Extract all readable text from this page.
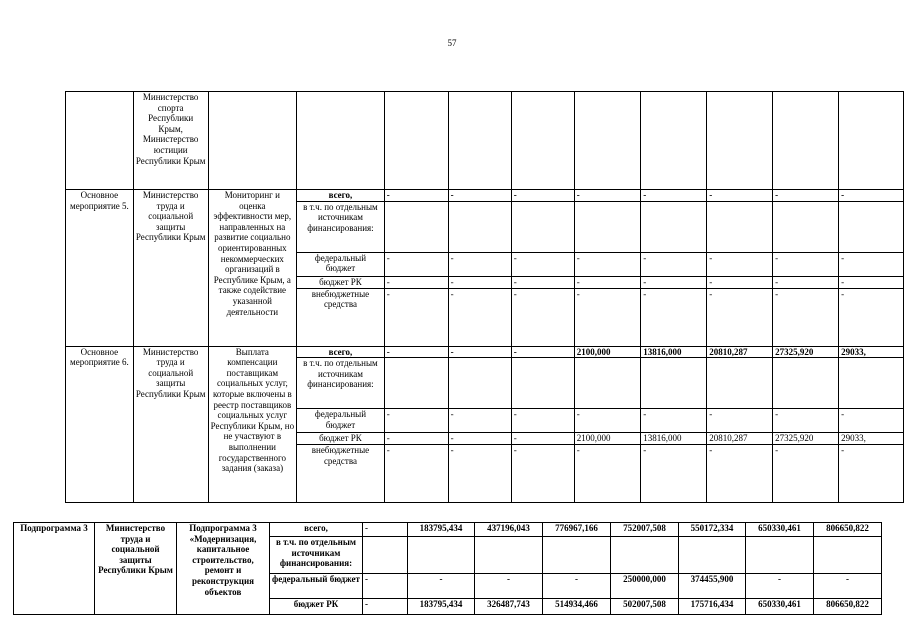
57
	Министерство спорта Республики Крым, Министерство юстиции Республики Крым										
Основное мероприятие 5.	Министерство труда и социальной защиты Республики Крым	Мониторинг и оценка эффективности мер, направленных на развитие социально ориентированных некоммерческих организаций в Республике Крым, а также содействие указанной деятельности	всего,	-	-	-	-	-	-	-	-
			в т.ч. по отдельным источникам финансирования:								
			федеральный бюджет	-	-	-	-	-	-	-	-
			бюджет РК	-	-	-	-	-	-	-	-
			внебюджетные средства	-	-	-	-	-	-	-	-
Основное мероприятие 6.	Министерство труда и социальной защиты Республики Крым	Выплата компенсации поставщикам социальных услуг, которые включены в реестр поставщиков социальных услуг Республики Крым, но не участвуют в выполнении государственного задания (заказа)	всего,	-	-	-	2100,000	13816,000	20810,287	27325,920	29033,
			в т.ч. по отдельным источникам финансирования:								
			федеральный бюджет	-	-	-	-	-	-	-	-
			бюджет РК	-	-	-	2100,000	13816,000	20810,287	27325,920	29033,
			внебюджетные средства	-	-	-	-	-	-	-	-
Подпрограмма 3	Министерство труда и социальной защиты Республики Крым	Подпрограмма 3 «Модернизация, капитальное строительство, ремонт и реконструкция объектов	всего,	-	183795,434	437196,043	776967,166	752007,508	550172,334	650330,461	806650,822
			в т.ч. по отдельным источникам финансирования:								
			федеральный бюджет	-	-	-	-	250000,000	374455,900	-	-
			бюджет РК	-	183795,434	326487,743	514934,466	502007,508	175716,434	650330,461	806650,822
